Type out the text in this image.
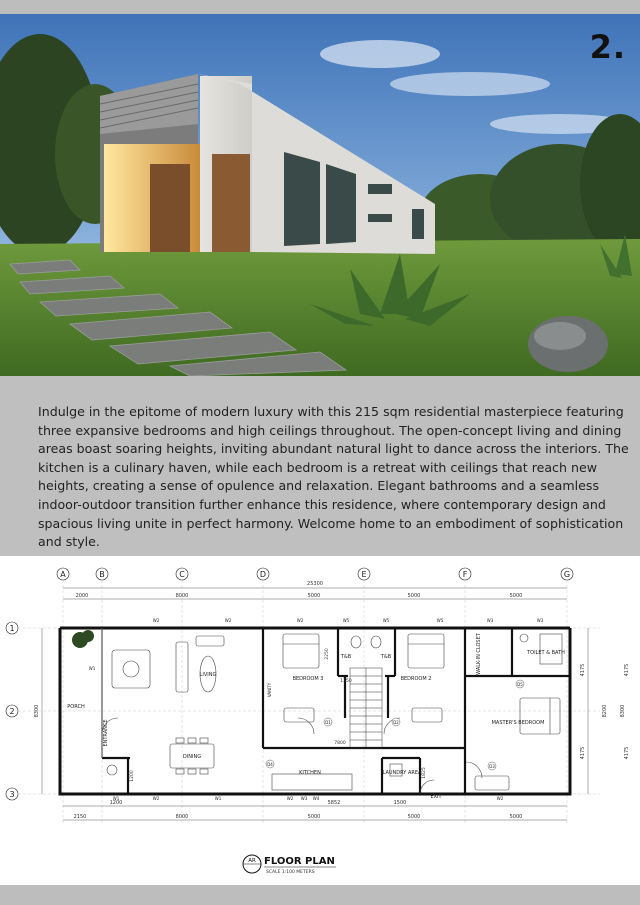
2.

Indulge in the epitome of modern luxury with this 215 sqm residential masterpiece featuring three expansive bedrooms and high ceilings throughout. The open-concept living and dining areas boast soaring heights, inviting abundant natural light to dance across the interiors. The kitchen is a culinary haven, while each bedroom is a retreat with ceilings that reach new heights, creating a sense of opulence and relaxation. Elegant bathrooms and a seamless indoor-outdoor transition further enhance this residence, where contemporary design and spacious living unite in perfect harmony. Welcome home to an embodiment of sophistication and style.

A	B	C	D	E	F	G
1
2
3
25300
2000	8000	5000	5000	5000
5852
1200	1500
2150	8000	5000	5000	5000
8300
4175
4175
8200 8300
4175
4175
PORCH
ENTRANCE
LIVING
DINING
BEDROOM 3	BEDROOM 2
T&B	T&B	WALK-IN CLOSET	TOILET & BATH
MASTER'S BEDROOM
KITCHEN	LAUNDRY AREA
EXIT
VANITY
2250
1350
7800
1825
1200
W2	W2
W1
W2	W5	W5	W5	W3	W3
W1	W2	W1	W2 W3 W4	W2
D1	D2
D3
D4
D5
AR FLOOR PLAN
SCALE 1:100 METERS
